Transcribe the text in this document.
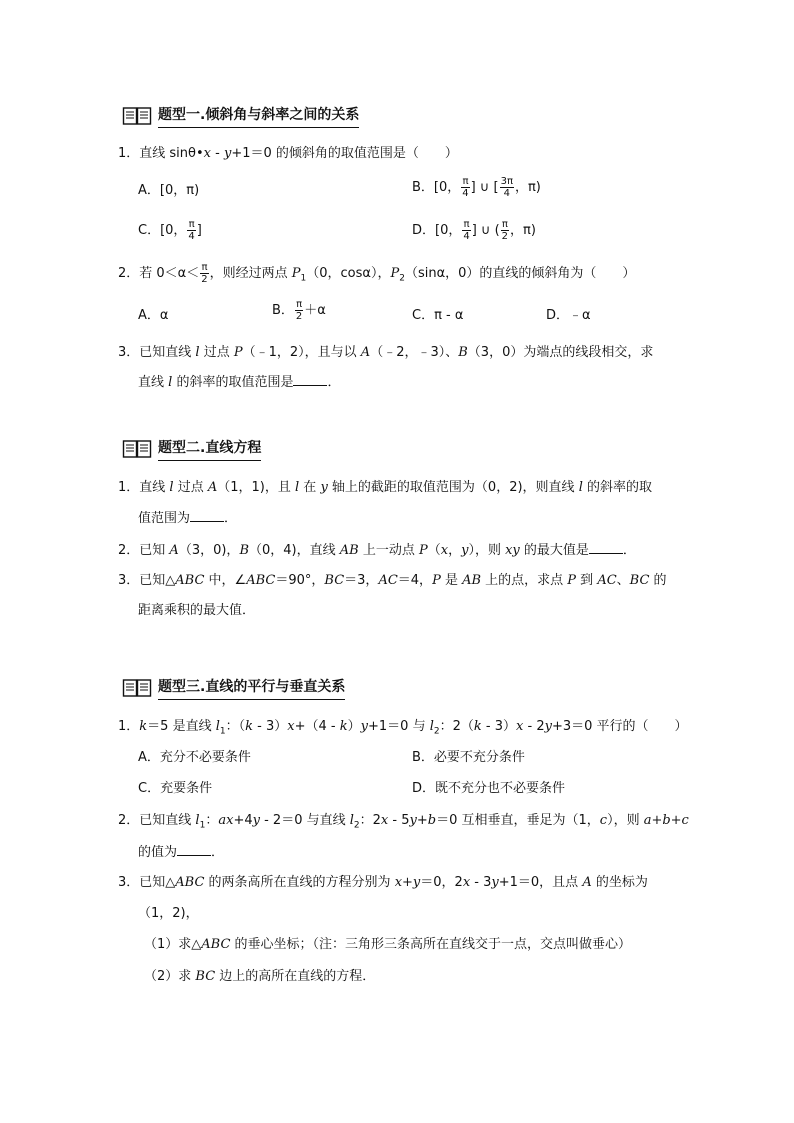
题型一.倾斜角与斜率之间的关系
1．直线 sinθ•x - y+1＝0 的倾斜角的取值范围是（　　）
A．[0，π)	B．[0， $\frac{\pi}{4}$ ] ∪ [ $\frac{3\pi}{4}$ ，π)
C．[0， $\frac{\pi}{4}$ ]	D．[0， $\frac{\pi}{4}$ ] ∪ ( $\frac{\pi}{2}$ ，π)
2．若 $0<\alpha< \frac{\pi}{2}$ ，则经过两点 $P_1(0$，cosα），$P_2(\sin\alpha$，0）的直线的倾斜角为（　　）
A．α	B． $\frac{\pi}{2} +\alpha$	C．π - α	D．﹣α
3．已知直线 l 过点 P（﹣1，2），且与以 A（﹣2，﹣3）、B（3，0）为端点的线段相交，求
直线 l 的斜率的取值范围是	．
题型二.直线方程
1．直线 l 过点 A（1，1)，且 l 在 y 轴上的截距的取值范围为（0，2)，则直线 l 的斜率的取
值范围为	．
2．已知 A（3，0)，B（0，4)，直线 AB 上一动点 P（x，y），则 xy 的最大值是	．
3．已知△ABC 中，∠ABC＝90°，BC＝3，AC＝4，P 是 AB 上的点，求点 P 到 AC、BC 的
距离乘积的最大值．
题型三.直线的平行与垂直关系
1．k＝5 是直线 $l_1$：（k - 3）x+（4 - k）y+1＝0 与 $l_2$：2（k - 3）x - 2y+3＝0 平行的（　　）
A．充分不必要条件	B．必要不充分条件
C．充要条件	D．既不充分也不必要条件
2．已知直线 $l_1$：ax+4y - 2＝0 与直线 $l_2$：2x - 5y+b＝0 互相垂直，垂足为（1，c），则 a+b+c
的值为	．
3．已知△ABC 的两条高所在直线的方程分别为 x+y＝0，2x - 3y+1＝0，且点 A 的坐标为
（1，2)，
（1）求△ABC 的垂心坐标；（注：三角形三条高所在直线交于一点，交点叫做垂心）
（2）求 BC 边上的高所在直线的方程．
